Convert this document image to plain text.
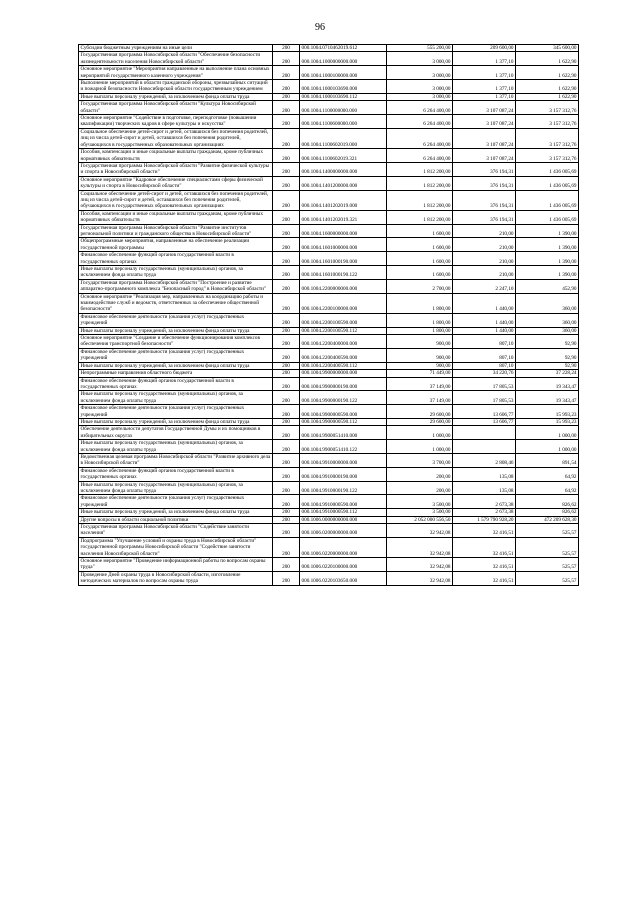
96
Субсидии бюджетным учреждениям на иные цели	200	000.1004.0710462019.612	555 200,00	209 600,00	345 600,00
Государственная программа Новосибирской области "Обеспечение безопасности жизнедеятельности населения Новосибирской области"	200	000.1004.1000000000.000	3 000,00	1 377,10	1 622,90
Основное мероприятие "Мероприятия направленные на выполнение плана основных мероприятий государственного казенного учреждения"	200	000.1004.1000100000.000	3 000,00	1 377,10	1 622,90
Выполнение мероприятий в области гражданской обороны, чрезвычайных ситуаций и пожарной безопасности Новосибирской области государственным учреждением	200	000.1004.1000103690.000	3 000,00	1 377,10	1 622,90
Иные выплаты персоналу учреждений, за исключением фонда оплаты труда	200	000.1004.1000103690.112	3 000,00	1 377,10	1 622,90
Государственная программа Новосибирской области "Культура Новосибирской области"	200	000.1004.1100000000.000	6 264 400,00	3 107 087,24	3 157 312,76
Основное мероприятие "Содействие в подготовке, переподготовке (повышении квалификации) творческих кадров в сфере культуры и искусства"	200	000.1004.1100600000.000	6 264 400,00	3 107 087,24	3 157 312,76
Социальное обеспечение детей-сирот и детей, оставшихся без попечения родителей, лиц из числа детей-сирот и детей, оставшихся без попечения родителей, обучающихся в государственных образовательных организациях	200	000.1004.1100602019.000	6 264 400,00	3 107 087,24	3 157 312,76
Пособия, компенсации и иные социальные выплаты гражданам, кроме публичных нормативных обязательств	200	000.1004.1100602019.321	6 264 400,00	3 107 087,24	3 157 312,76
Государственная программа Новосибирской области "Развитие физической культуры и спорта в Новосибирской области"	200	000.1004.1400000000.000	1 812 200,00	376 194,31	1 436 005,69
Основное мероприятие "Кадровое обеспечение специалистами сферы физической культуры и спорта в Новосибирской области"	200	000.1004.1401200000.000	1 812 200,00	376 194,31	1 436 005,69
Социальное обеспечение детей-сирот и детей, оставшихся без попечения родителей, лиц из числа детей-сирот и детей, оставшихся без попечения родителей, обучающихся в государственных образовательных организациях	200	000.1004.1401202019.000	1 812 200,00	376 194,31	1 436 005,69
Пособия, компенсации и иные социальные выплаты гражданам, кроме публичных нормативных обязательств	200	000.1004.1401202019.321	1 812 200,00	376 194,31	1 436 005,69
Государственная программа Новосибирской области "Развитие институтов региональной политики и гражданского общества в Новосибирской области"	200	000.1004.1600000000.000	1 600,00	210,00	1 390,00
Общепрограммные мероприятия, направленные на обеспечение реализации государственной программы	200	000.1004.1601000000.000	1 600,00	210,00	1 390,00
Финансовое обеспечение функций органов государственной власти в государственных органах	200	000.1004.1601000190.000	1 600,00	210,00	1 390,00
Иные выплаты персоналу государственных (муниципальных) органов, за исключением фонда оплаты труда	200	000.1004.1601000190.122	1 600,00	210,00	1 390,00
Государственная программа Новосибирской области "Построение и развитие аппаратно-программного комплекса "Безопасный город" в Новосибирской области"	200	000.1004.2200000000.000	2 700,00	2 247,10	452,90
Основное мероприятие "Реализация мер, направленных на координацию работы и взаимодействие служб и ведомств, ответственных за обеспечение общественной безопасности"	200	000.1004.2200100000.000	1 800,00	1 440,00	360,00
Финансовое обеспечение деятельности (оказания услуг) государственных учреждений	200	000.1004.2200100590.000	1 800,00	1 440,00	360,00
Иные выплаты персоналу учреждений, за исключением фонда оплаты труда	200	000.1004.2200100590.112	1 800,00	1 440,00	360,00
Основное мероприятие "Создание и обеспечение функционирования комплексов обеспечения транспортной безопасности"	200	000.1004.2200400000.000	900,00	807,10	92,90
Финансовое обеспечение деятельности (оказания услуг) государственных учреждений	200	000.1004.2200400590.000	900,00	807,10	92,90
Иные выплаты персоналу учреждений, за исключением фонда оплаты труда	200	000.1004.2200400590.112	900,00	807,10	92,90
Непрограммные направления областного бюджета	200	000.1004.9900000000.000	71 449,00	34 220,76	37 228,24
Финансовое обеспечение функций органов государственной власти в государственных органах	200	000.1004.9900000190.000	37 149,00	17 805,53	19 343,47
Иные выплаты персоналу государственных (муниципальных) органов, за исключением фонда оплаты труда	200	000.1004.9900000190.122	37 149,00	17 805,53	19 343,47
Финансовое обеспечение деятельности (оказания услуг) государственных учреждений	200	000.1004.9900000590.000	29 600,00	13 606,77	15 993,23
Иные выплаты персоналу учреждений, за исключением фонда оплаты труда	200	000.1004.9900000590.112	29 600,00	13 606,77	15 993,23
Обеспечение деятельности депутатов Государственной Думы и их помощников в избирательных округах	200	000.1004.9900051410.000	1 000,00		1 000,00
Иные выплаты персоналу государственных (муниципальных) органов, за исключением фонда оплаты труда	200	000.1004.9900051410.122	1 000,00		1 000,00
Ведомственная целевая программа Новосибирской области "Развитие архивного дела в Новосибирской области"	200	000.1004.9910000000.000	3 700,00	2 808,46	891,54
Финансовое обеспечение функций органов государственной власти в государственных органах	200	000.1004.9910000190.000	200,00	135,08	64,92
Иные выплаты персоналу государственных (муниципальных) органов, за исключением фонда оплаты труда	200	000.1004.9910000190.122	200,00	135,08	64,92
Финансовое обеспечение деятельности (оказания услуг) государственных учреждений	200	000.1004.9910000590.000	3 500,00	2 673,38	826,62
Иные выплаты персоналу учреждений, за исключением фонда оплаты труда	200	000.1004.9910000590.112	3 500,00	2 673,38	826,62
Другие вопросы в области социальной политики	200	000.1006.0000000000.000	2 052 000 556,50	1 579 790 928,20	472 209 628,30
Государственная программа Новосибирской области "Содействие занятости населения"	200	000.1006.0200000000.000	32 942,08	32 416,51	525,57
Подпрограмма "Улучшение условий и охраны труда в Новосибирской области" государственной программы Новосибирской области "Содействие занятости населения Новосибирской области"	200	000.1006.0220000000.000	32 942,08	32 416,51	525,57
Основное мероприятие "Проведение информационной работы по вопросам охраны труда"	200	000.1006.0220100000.000	32 942,08	32 416,51	525,57
Проведение Дней охраны труда в Новосибирской области, изготовление методических материалов по вопросам охраны труда	200	000.1006.0220103650.000	32 942,08	32 416,51	525,57
